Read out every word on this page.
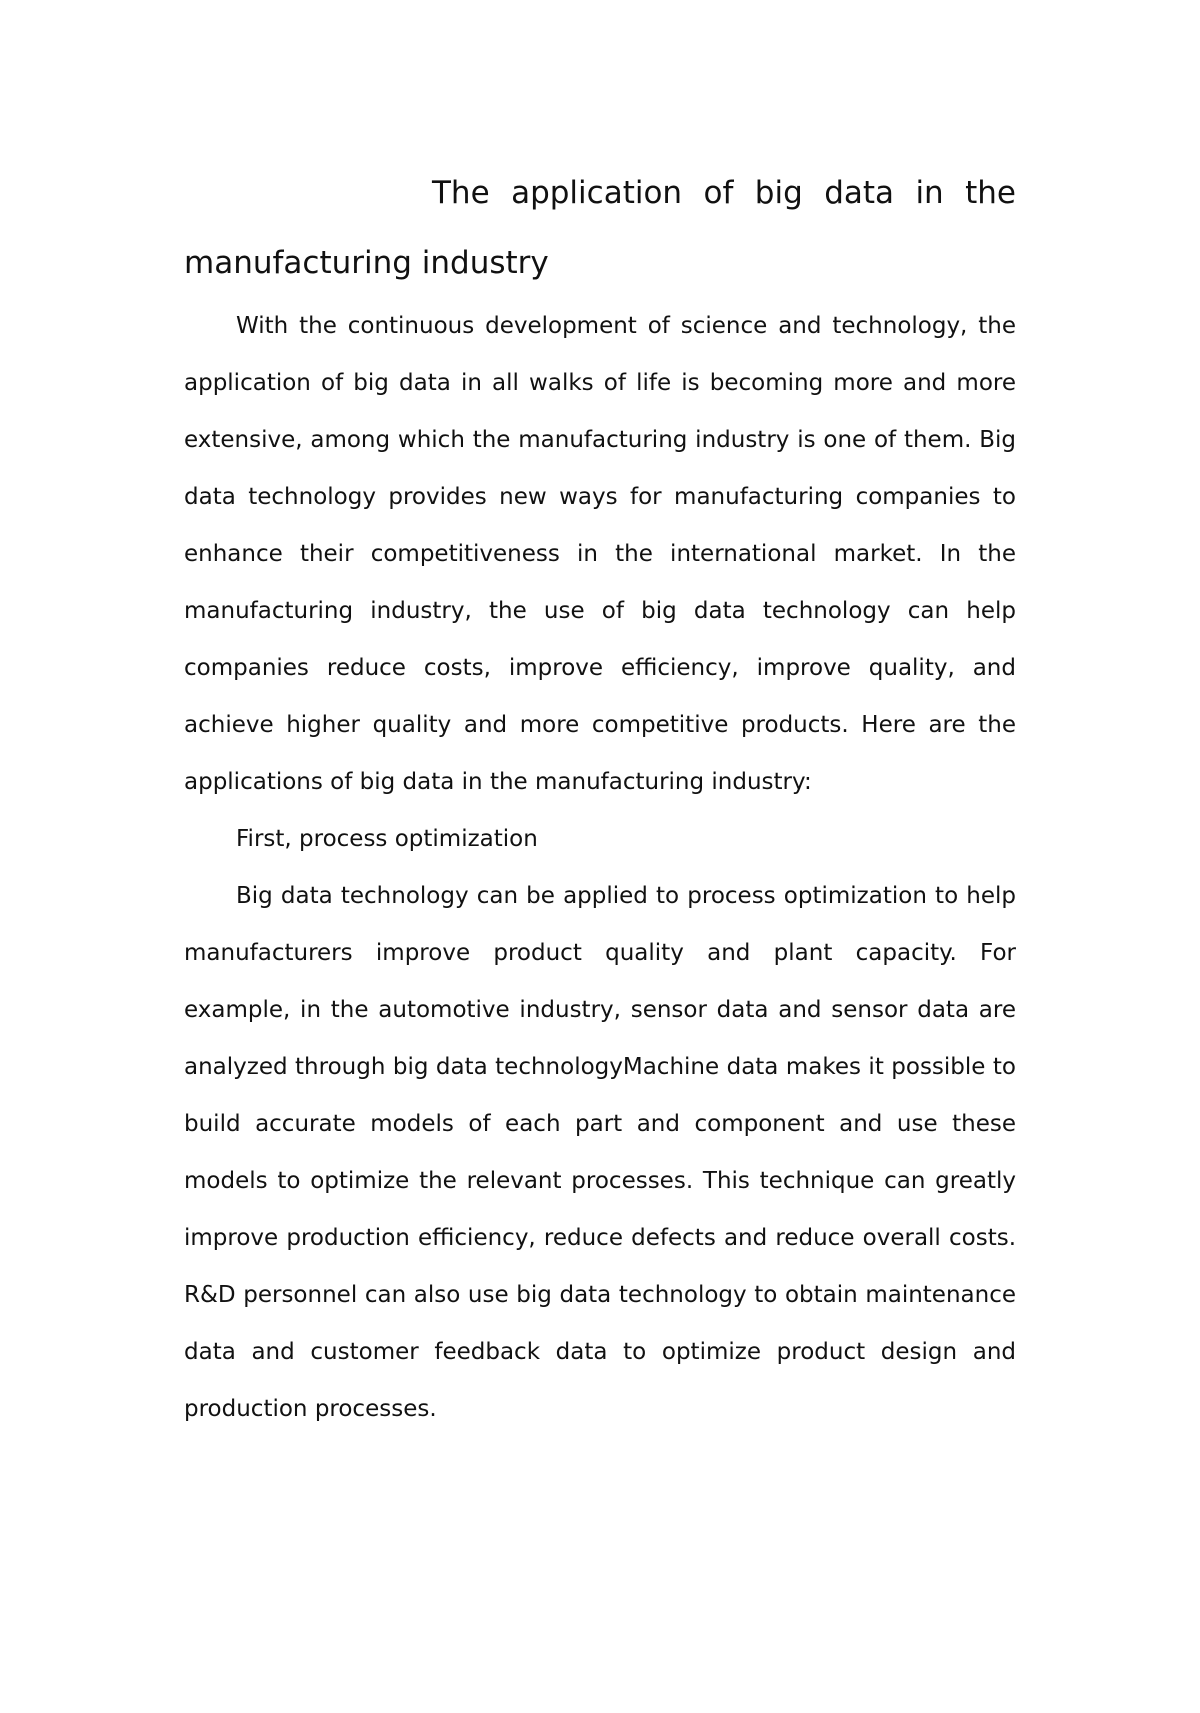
The application of big data in the manufacturing industry

With the continuous development of science and technology, the application of big data in all walks of life is becoming more and more extensive, among which the manufacturing industry is one of them. Big data technology provides new ways for manufacturing companies to enhance their competitiveness in the international market. In the manufacturing industry, the use of big data technology can help companies reduce costs, improve efficiency, improve quality, and achieve higher quality and more competitive products. Here are the applications of big data in the manufacturing industry:

First, process optimization

Big data technology can be applied to process optimization to help manufacturers improve product quality and plant capacity. For example, in the automotive industry, sensor data and sensor data are analyzed through big data technologyMachine data makes it possible to build accurate models of each part and component and use these models to optimize the relevant processes. This technique can greatly improve production efficiency, reduce defects and reduce overall costs. R&D personnel can also use big data technology to obtain maintenance data and customer feedback data to optimize product design and production processes.
